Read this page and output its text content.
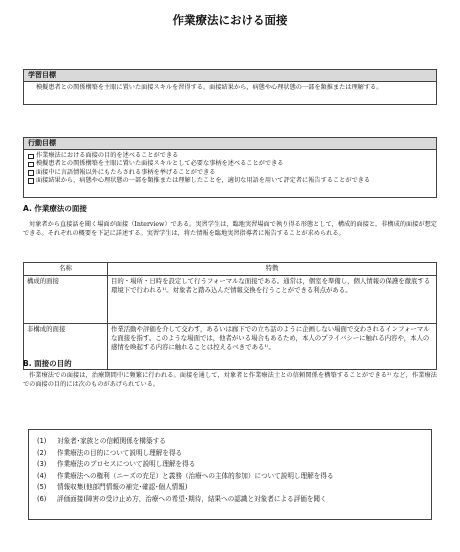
作業療法における面接
学習目標
模擬患者との関係構築を主眼に置いた面接スキルを習得する。面接結果から，病態や心理状態の一部を類推または理解する。
行動目標
作業療法における面接の目的を述べることができる
模擬患者との関係構築を主眼に置いた面接スキルとして必要な事柄を述べることができる
面接中に言語情報以外にもたらされる事柄を挙げることができる
面接結果から，病態や心理状態の一部を類推または理解したことを，適切な用語を用いて評定者に報告することができる
A. 作業療法の面接
対象者から直接話を聞く場面が面接（Interview）である。実習学生は，臨地実習場面で執り得る形態として，構成的面接と，非構成的面接が想定できる。それぞれの概要を下記に詳述する。実習学生は，将た情報を臨地実習指導者に報告することが求められる。
名称	特徴
構成的面接	目的・場所・日時を設定して行うフォーマルな面接である。通常は，個室を準備し，個人情報の保護を徹底する環境下で行われる¹⁾。対象者と踏み込んだ情報交換を行うことができる利点がある。
非構成的面接	作業活動や評価を介して交わす，あるいは廊下での立ち話のように企画しない場面で交わされるインフォーマルな面接を指す。このような場面では，他者がいる場合もあるため，本人のプライバシーに触れる内容や，本人の感情を喚起する内容に触れることは控えるべきである¹⁾。
B. 面接の目的
作業療法での面接は，治療期間中に頻繁に行われる。面接を通して，対象者と作業療法士との信頼関係を構築することができる²⁾ など，作業療法での面接の目的には次のものがあげられている。
(1)	対象者･家族との信頼関係を構築する
(2)	作業療法の目的について説明し理解を得る
(3)	作業療法のプロセスについて説明し理解を得る
(4)	作業療法への権利（ニーズの充足）と義務（治療への主体的参加）について説明し理解を得る
(5)	情報収集(他部門情報の補完･確認･個人情報)
(6)	評価面接(障害の受け止め方，治療への希望･期待，結果への認識と対象者による評価を聞く
